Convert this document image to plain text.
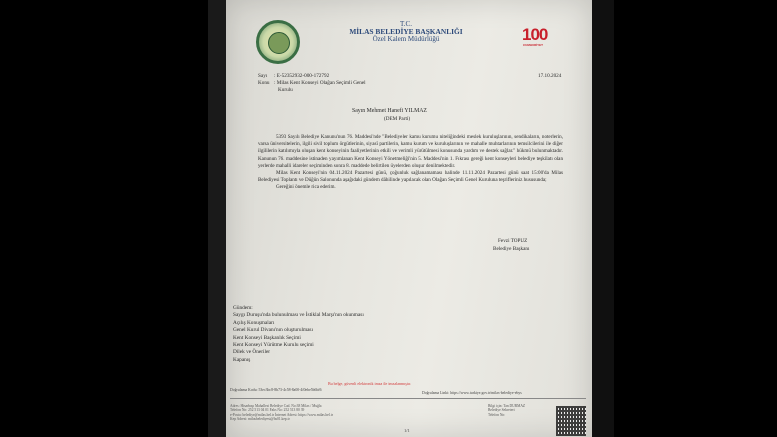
T.C.
MİLAS BELEDİYE BAŞKANLIĞI
Özel Kalem Müdürlüğü	100
CUMHURİYET
Sayı : E-52352932-000-172792
Konu : Milas Kent Konseyi Olağan Seçimli Genel
Kurulu
17.10.2024
Sayın Mehmet Hanefi YILMAZ
(DEM Parti)

5393 Sayılı Belediye Kanunu'nun 76. Maddesi'nde "Belediyeler kamu kurumu niteliğindeki meslek kuruluşlarının, sendikaların, noterlerin, varsa üniversitelerin, ilgili sivil toplum örgütlerinin, siyasî partilerin, kamu kurum ve kuruluşlarının ve mahalle muhtarlarının temsilcilerini ile diğer ilgililerin katılımıyla oluşan kent konseyinin faaliyetlerinin etkili ve verimli yürütülmesi konusunda yardım ve destek sağlar." hükmü bulunmaktadır. Kanunun 76. maddesine istinaden yayımlanan Kent Konseyi Yönetmeliği'nin 5. Maddesi'nin 1. Fıkrası gereği kent konseyleri belediye teşkilatı olan yerlerde mahalli idareler seçiminden sonra 8. maddede belirtilen üyelerden oluşur denilmektedir.

Milas Kent Konseyi'nin 04.11.2024 Pazartesi günü, çoğunluk sağlanamaması halinde 11.11.2024 Pazartesi günü saat 15:00'da Milas Belediyesi Toplantı ve Düğün Salonunda aşağıdaki gündem dâhilinde yapılacak olan Olağan Seçimli Genel Kuruluna teşrifleriniz hususunda;

Gereğini önemle rica ederim.

Fevzi TOPUZ
Belediye Başkanı
Gündem:
Saygı Duruşu'nda bulunulması ve İstiklal Marşı'nın okunması
Açılış Konuşmaları
Genel Kurul Divanı'nın oluşturulması
Kent Konseyi Başkanlık Seçimi
Kent Konseyi Yürütme Kurulu seçimi
Dilek ve Öneriler
Kapanış
Bu belge, güvenli elektronik imza ile imzalanmıştır.
Doğrulama Kodu: 53ec3bc8-8b73-4c58-8a00-4f0ebe5b6bf6
Doğrulama Linki: https://www.turkiye.gov.tr/milas-belediye-ebys
Adres: Hisarbaşı Mahallesi Belediye Cad. No:38 Milas / Muğla
Telefon No: 252 513 04 01 Faks No: 252 513 80 39
e-Posta: belediye@milas.bel.tr İnternet Adresi: https://www.milas.bel.tr
Kep Adresi: milasbelediyesi@hs01.kep.tr
Bilgi için: Tan DURMAZ
Belediye Sekreteri
Telefon No:
1/1
